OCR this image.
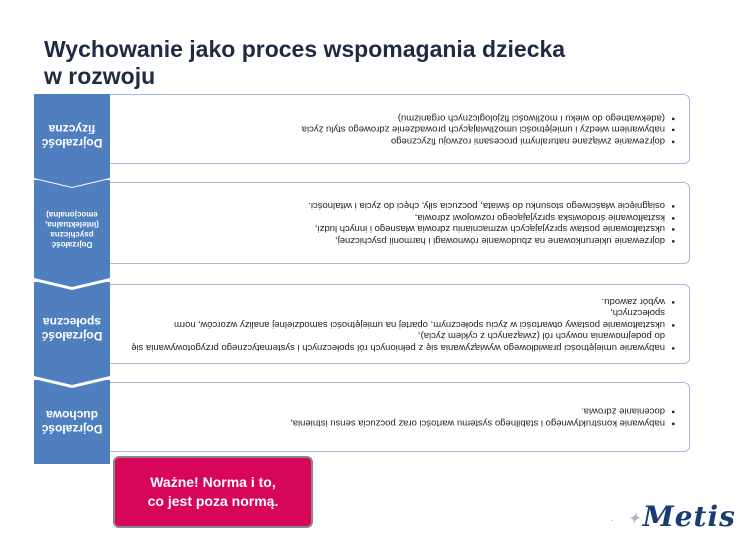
Wychowanie jako proces wspomagania dziecka
w rozwoju
Dojrzałość
fizyczna
• dojrzewanie związane naturalnymi procesami rozwoju fizycznego
• nabywaniem wiedzy i umiejętności umożliwiających prowadzenie zdrowego stylu życia
• (adekwatnego do wieku i możliwości fizjologicznych organizmu)
Dojrzałość
psychiczna
(intelektualna,
emocjonalna)
• dojrzewanie ukierunkowane na zbudowanie równowagi i harmonii psychicznej,
• ukształtowanie postaw sprzyjających wzmacnianiu zdrowia własnego i innych ludzi,
• kształtowanie środowiska sprzyjającego rozwojowi zdrowia,
• osiągnięcie właściwego stosunku do świata, poczucia siły, chęci do życia i witalności.
Dojrzałość
społeczna
• nabywanie umiejętności prawidłowego wywiązywania się z pełnionych ról społecznych i systematycznego przygotowywania się do podejmowania nowych ról (związanych z cyklem życia),
• ukształtowanie postawy otwartości w życiu społecznym, opartej na umiejętności samodzielnej analizy wzorców, norm społecznych,
• wybór zawodu.
Dojrzałość
duchowa
• nabywanie konstruktywnego i stabilnego systemu wartości oraz poczucia sensu istnienia,
• docenianie zdrowia.
Ważne! Norma i to,
co jest poza normą.
· ✦Metis
